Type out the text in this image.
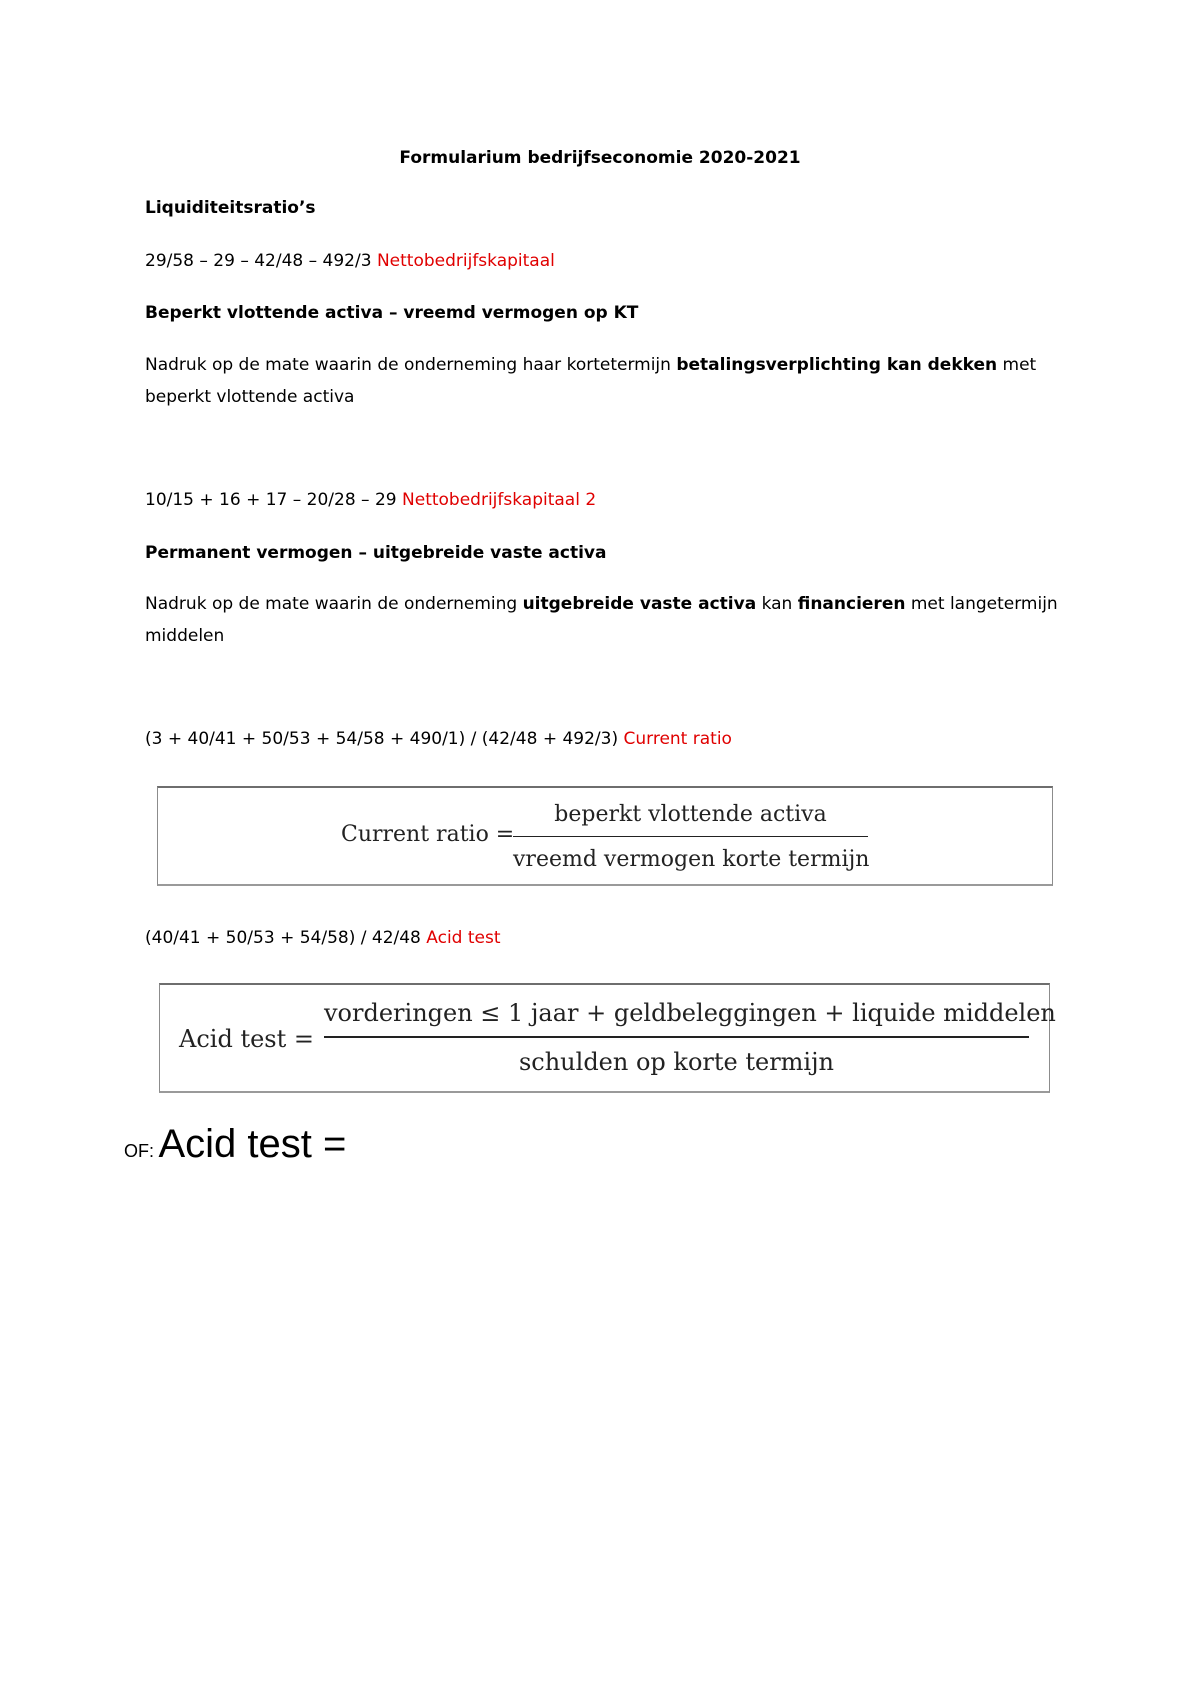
Formularium bedrijfseconomie 2020-2021
Liquiditeitsratio’s
29/58 – 29 – 42/48 – 492/3 Nettobedrijfskapitaal
Beperkt vlottende activa – vreemd vermogen op KT
Nadruk op de mate waarin de onderneming haar kortetermijn betalingsverplichting kan dekken met beperkt vlottende activa
10/15 + 16 + 17 – 20/28 – 29 Nettobedrijfskapitaal 2
Permanent vermogen – uitgebreide vaste activa
Nadruk op de mate waarin de onderneming uitgebreide vaste activa kan financieren met langetermijn middelen
(3 + 40/41 + 50/53 + 54/58 + 490/1) / (42/48 + 492/3) Current ratio
Current ratio =
beperkt vlottende activa
vreemd vermogen korte termijn
(40/41 + 50/53 + 54/58) / 42/48 Acid test
Acid test =
vorderingen ≤ 1 jaar + geldbeleggingen + liquide middelen
schulden op korte termijn
OF: Acid test =
